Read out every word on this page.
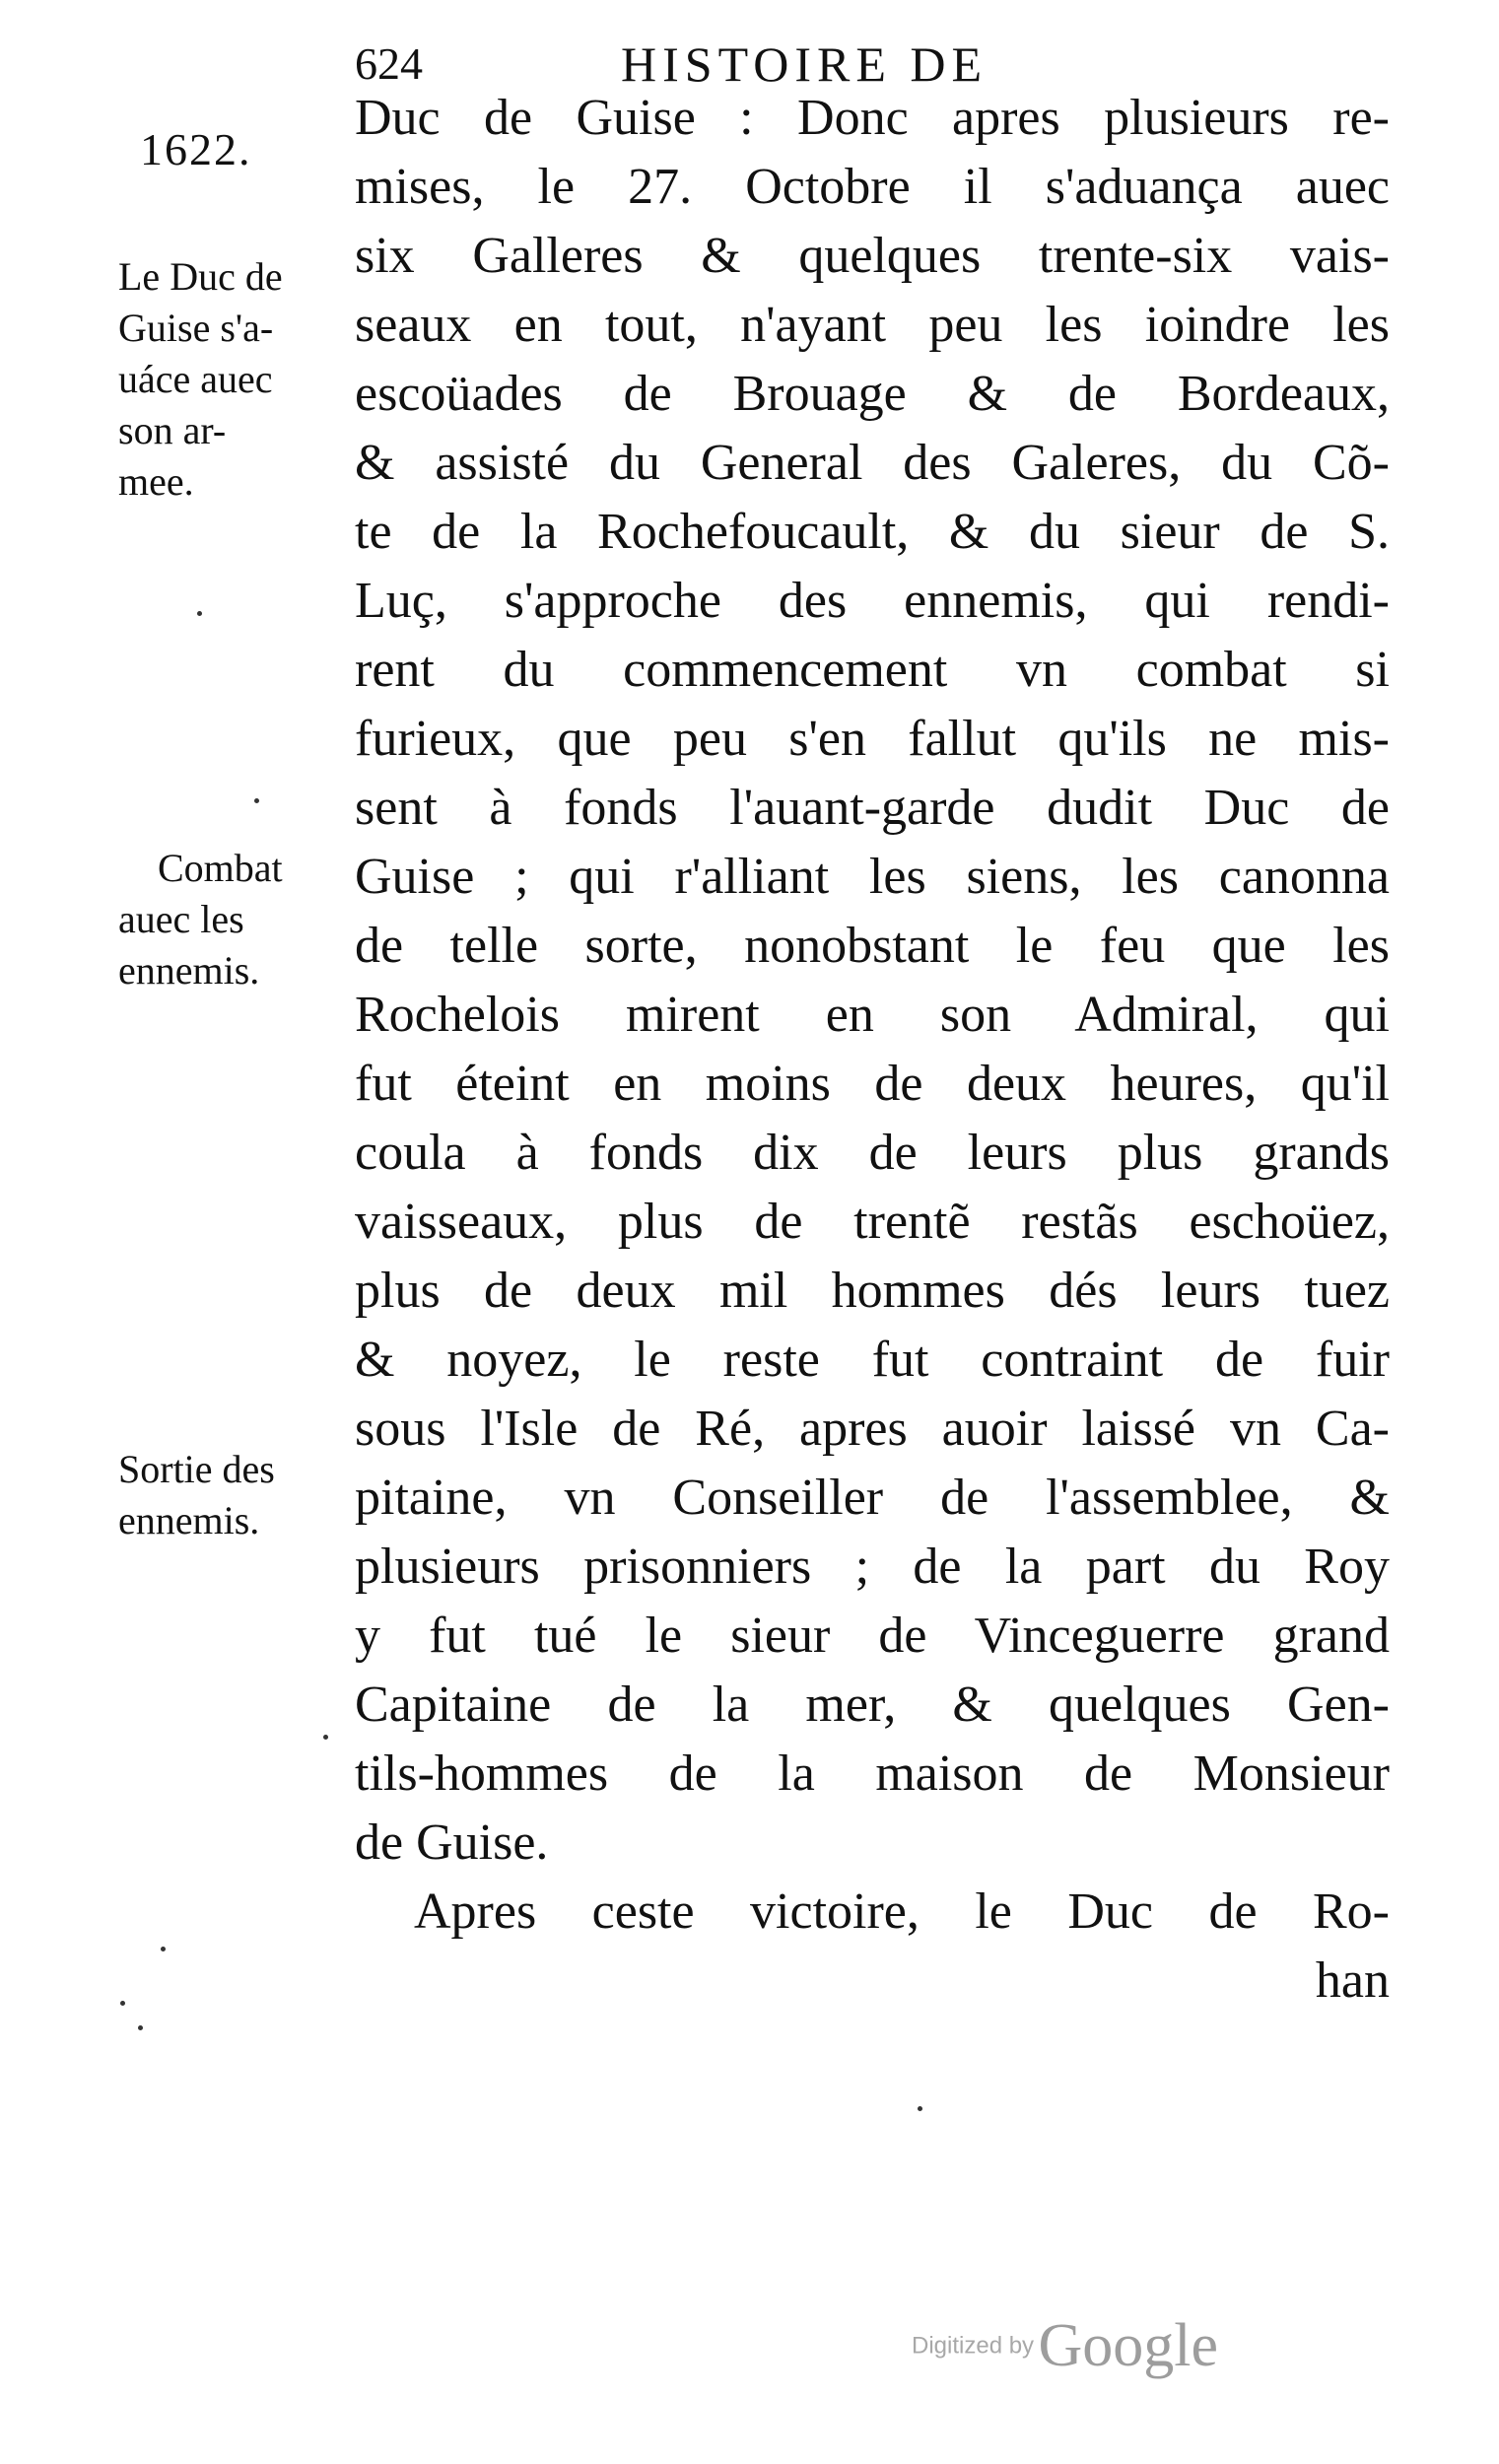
624	HISTOIRE DE
1622.
Le Duc de
Guise s'a-
uáce auec
son ar-
mee.
Combat
auec les
ennemis.
Sortie des
ennemis.
Duc de Guise : Donc apres plusieurs re-
mises, le 27. Octobre il s'aduança auec
six Galleres & quelques trente-six vais-
seaux en tout, n'ayant peu les ioindre les
escoüades de Brouage & de Bordeaux,
& assisté du General des Galeres, du Cõ-
te de la Rochefoucault, & du sieur de S.
Luç, s'approche des ennemis, qui rendi-
rent du commencement vn combat si
furieux, que peu s'en fallut qu'ils ne mis-
sent à fonds l'auant-garde dudit Duc de
Guise ; qui r'alliant les siens, les canonna
de telle sorte, nonobstant le feu que les
Rochelois mirent en son Admiral, qui
fut éteint en moins de deux heures, qu'il
coula à fonds dix de leurs plus grands
vaisseaux, plus de trentẽ restãs eschoüez,
plus de deux mil hommes dés leurs tuez
& noyez, le reste fut contraint de fuir
sous l'Isle de Ré, apres auoir laissé vn Ca-
pitaine, vn Conseiller de l'assemblee, &
plusieurs prisonniers ; de la part du Roy
y fut tué le sieur de Vinceguerre grand
Capitaine de la mer, & quelques Gen-
tils-hommes de la maison de Monsieur
de Guise.
Apres ceste victoire, le Duc de Ro-
han
Digitized by Google
